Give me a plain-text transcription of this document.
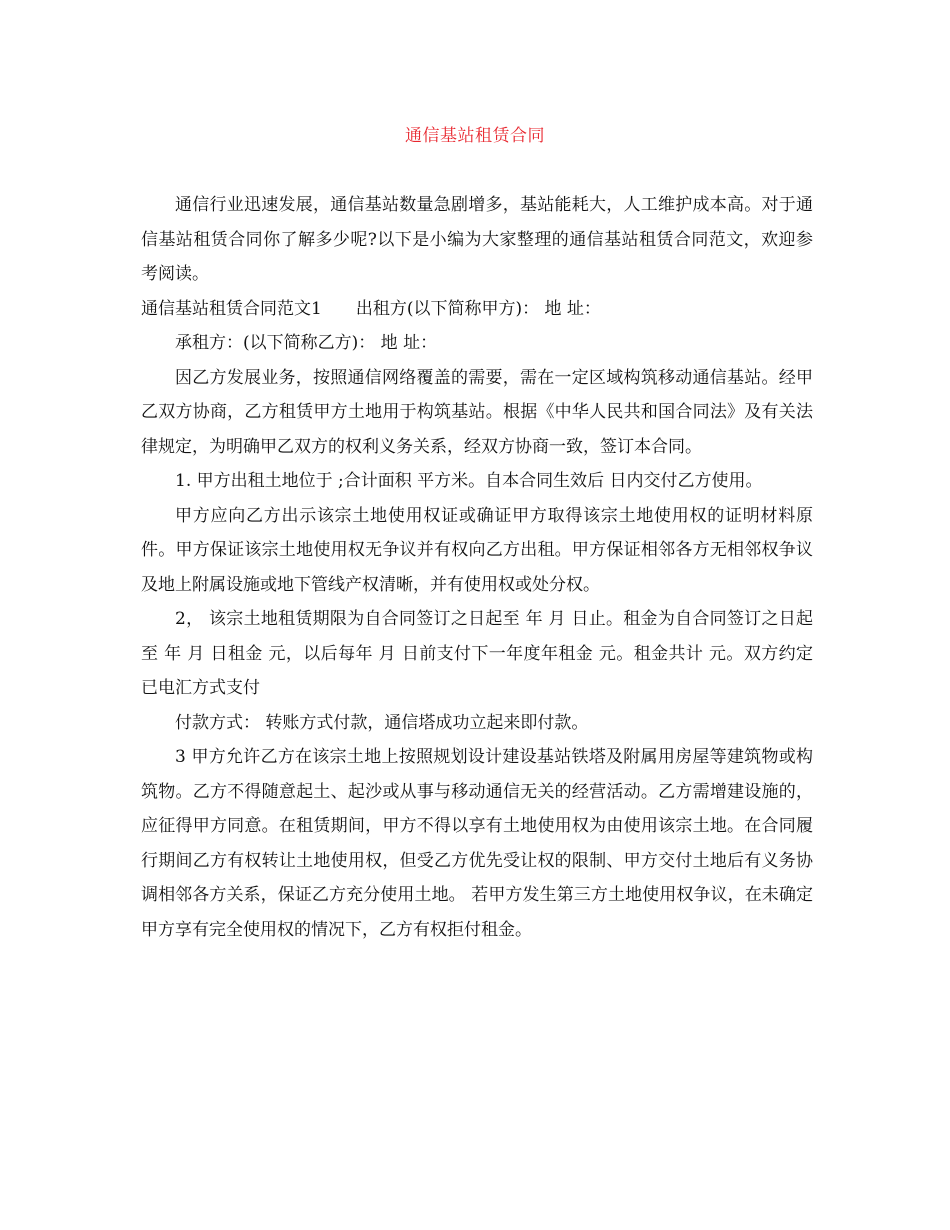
通信基站租赁合同

通信行业迅速发展，通信基站数量急剧增多，基站能耗大，人工维护成本高。对于通信基站租赁合同你了解多少呢?以下是小编为大家整理的通信基站租赁合同范文，欢迎参考阅读。

通信基站租赁合同范文1 出租方(以下简称甲方)： 地 址：

承租方：(以下简称乙方)： 地 址：

因乙方发展业务，按照通信网络覆盖的需要，需在一定区域构筑移动通信基站。经甲乙双方协商，乙方租赁甲方土地用于构筑基站。根据《中华人民共和国合同法》及有关法律规定，为明确甲乙双方的权利义务关系，经双方协商一致，签订本合同。

1. 甲方出租土地位于 ;合计面积 平方米。自本合同生效后 日内交付乙方使用。

甲方应向乙方出示该宗土地使用权证或确证甲方取得该宗土地使用权的证明材料原件。甲方保证该宗土地使用权无争议并有权向乙方出租。甲方保证相邻各方无相邻权争议及地上附属设施或地下管线产权清晰，并有使用权或处分权。

2， 该宗土地租赁期限为自合同签订之日起至 年 月 日止。租金为自合同签订之日起至 年 月 日租金 元，以后每年 月 日前支付下一年度年租金 元。租金共计 元。双方约定已电汇方式支付

付款方式： 转账方式付款，通信塔成功立起来即付款。

3 甲方允许乙方在该宗土地上按照规划设计建设基站铁塔及附属用房屋等建筑物或构筑物。乙方不得随意起土、起沙或从事与移动通信无关的经营活动。乙方需增建设施的，应征得甲方同意。在租赁期间，甲方不得以享有土地使用权为由使用该宗土地。在合同履行期间乙方有权转让土地使用权，但受乙方优先受让权的限制、甲方交付土地后有义务协调相邻各方关系，保证乙方充分使用土地。 若甲方发生第三方土地使用权争议，在未确定甲方享有完全使用权的情况下，乙方有权拒付租金。
